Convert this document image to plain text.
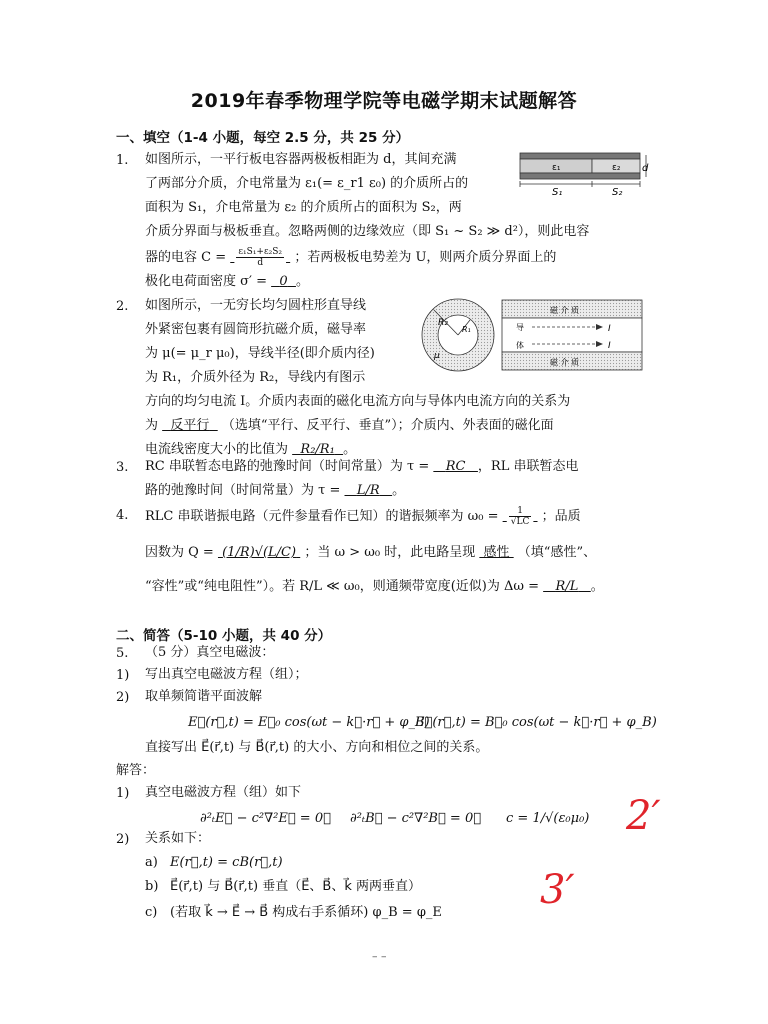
2019年春季物理学院等电磁学期末试题解答
一、填空（1-4 小题，每空 2.5 分，共 25 分）
1. 如图所示，一平行板电容器两极板相距为 d，其间充满
了两部分介质，介电常量为 ε₁(= ε_r1 ε₀) 的介质所占的
面积为 S₁，介电常量为 ε₂ 的介质所占的面积为 S₂，两
介质分界面与极板垂直。忽略两侧的边缘效应（即 S₁ ~ S₂ ≫ d²），则此电容
器的电容 $C = \frac{\text{ε₁S₁+ε₂S₂}}{d}$ ；若两极板电势差为 U，则两介质分界面上的
极化电荷面密度 σ′ = 0 。
ε₁	ε₂
S₁	S₂
d
2. 如图所示，一无穷长均匀圆柱形直导线
外紧密包裹有圆筒形抗磁介质，磁导率
为 μ(= μ_r μ₀)，导线半径(即介质内径)
为 R₁，介质外径为 R₂，导线内有图示
方向的均匀电流 I。介质内表面的磁化电流方向与导体内电流方向的关系为
为 反平行 （选填“平行、反平行、垂直”）；介质内、外表面的磁化面
电流线密度大小的比值为 R₂/R₁ 。
R₂
R₁
μ
磁 介 质
磁 介 质
导
体
I
I
3. RC 串联暂态电路的弛豫时间（时间常量）为 τ = RC ，RL 串联暂态电
路的弛豫时间（时间常量）为 τ = L/R 。
4. RLC 串联谐振电路（元件参量看作已知）的谐振频率为 $\omega_0 = \frac{1}{√LC}$ ；品质
因数为 Q = (1/R)√(L/C) ；当 ω > ω₀ 时，此电路呈现 感性 （填“感性”、
“容性”或“纯电阻性”）。若 R/L ≪ ω₀，则通频带宽度(近似)为 Δω = R/L 。
二、简答（5-10 小题，共 40 分）
5. （5 分）真空电磁波：
1) 写出真空电磁波方程（组）；
2) 取单频简谐平面波解
E⃗(r⃗,t) = E⃗₀ cos(ωt − k⃗·r⃗ + φ_E)
B⃗(r⃗,t) = B⃗₀ cos(ωt − k⃗·r⃗ + φ_B)
直接写出 E⃗(r⃗,t) 与 B⃗(r⃗,t) 的大小、方向和相位之间的关系。
解答：
1) 真空电磁波方程（组）如下
∂²ₜE⃗ − c²∇²E⃗ = 0， ∂²ₜB⃗ − c²∇²B⃗ = 0， c = 1/√(ε₀μ₀)
2) 关系如下：
a) E(r⃗,t) = cB(r⃗,t)
b) E⃗(r⃗,t) 与 B⃗(r⃗,t) 垂直（E⃗、B⃗、k⃗ 两两垂直）
c) (若取 k⃗ → E⃗ → B⃗ 构成右手系循环) φ_B = φ_E
2′
3′
– –
